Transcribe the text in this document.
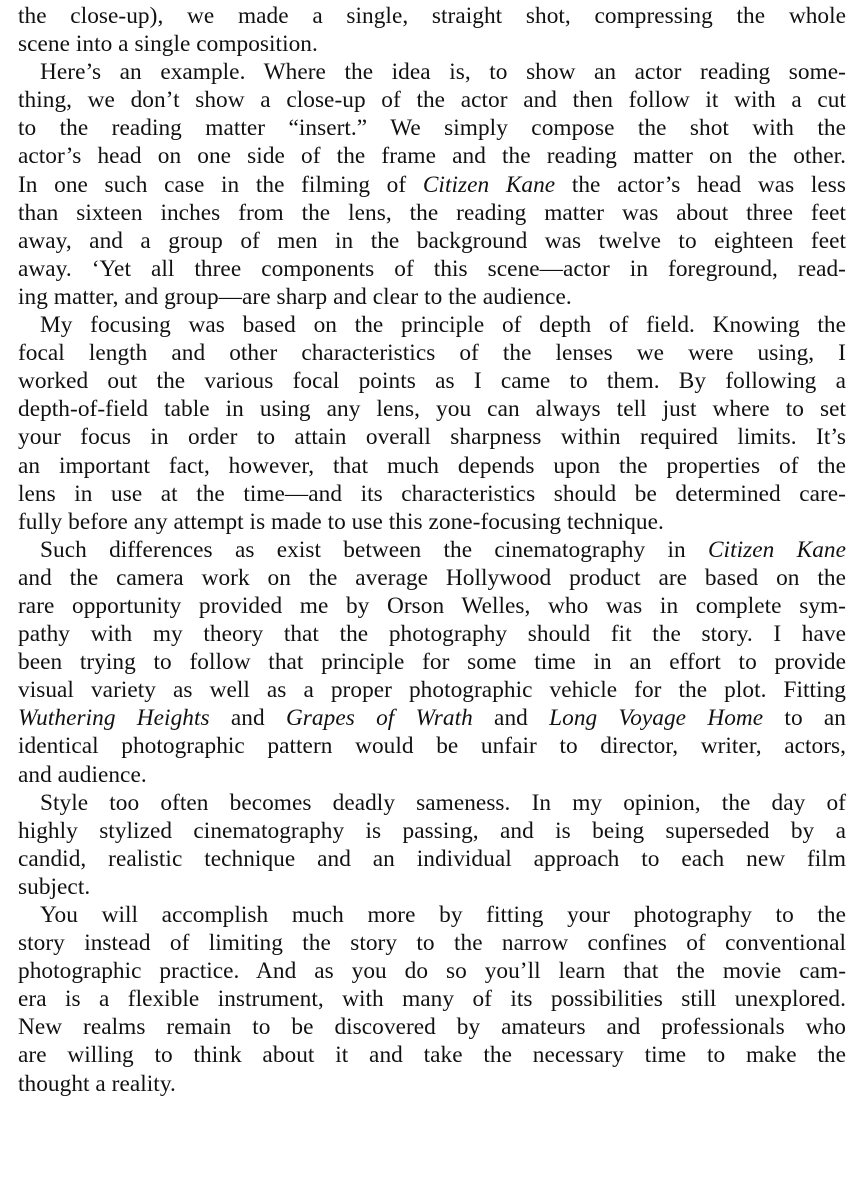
the close-up), we made a single, straight shot, compressing the whole
scene into a single composition.

Here’s an example. Where the idea is, to show an actor reading some-
thing, we don’t show a close-up of the actor and then follow it with a cut
to the reading matter “insert.” We simply compose the shot with the
actor’s head on one side of the frame and the reading matter on the other.
In one such case in the filming of Citizen Kane the actor’s head was less
than sixteen inches from the lens, the reading matter was about three feet
away, and a group of men in the background was twelve to eighteen feet
away. ‘Yet all three components of this scene—actor in foreground, read-
ing matter, and group—are sharp and clear to the audience.

My focusing was based on the principle of depth of field. Knowing the
focal length and other characteristics of the lenses we were using, I
worked out the various focal points as I came to them. By following a
depth-of-field table in using any lens, you can always tell just where to set
your focus in order to attain overall sharpness within required limits. It’s
an important fact, however, that much depends upon the properties of the
lens in use at the time—and its characteristics should be determined care-
fully before any attempt is made to use this zone-focusing technique.

Such differences as exist between the cinematography in Citizen Kane
and the camera work on the average Hollywood product are based on the
rare opportunity provided me by Orson Welles, who was in complete sym-
pathy with my theory that the photography should fit the story. I have
been trying to follow that principle for some time in an effort to provide
visual variety as well as a proper photographic vehicle for the plot. Fitting
Wuthering Heights and Grapes of Wrath and Long Voyage Home to an
identical photographic pattern would be unfair to director, writer, actors,
and audience.

Style too often becomes deadly sameness. In my opinion, the day of
highly stylized cinematography is passing, and is being superseded by a
candid, realistic technique and an individual approach to each new film
subject.

You will accomplish much more by fitting your photography to the
story instead of limiting the story to the narrow confines of conventional
photographic practice. And as you do so you’ll learn that the movie cam-
era is a flexible instrument, with many of its possibilities still unexplored.
New realms remain to be discovered by amateurs and professionals who
are willing to think about it and take the necessary time to make the
thought a reality.
